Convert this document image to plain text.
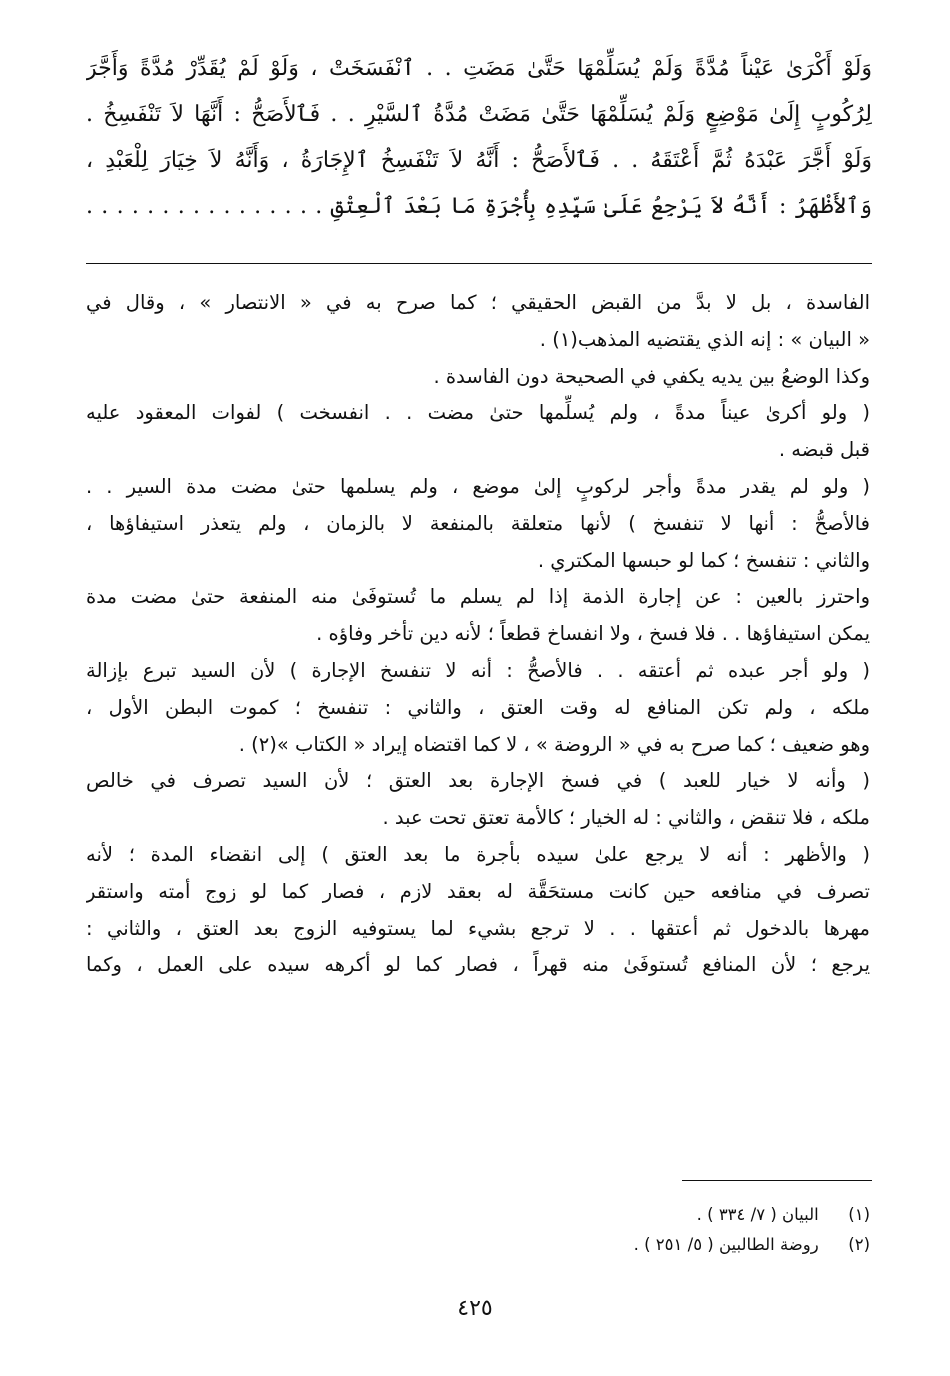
وَلَوْ أَكْرَىٰ عَيْناً مُدَّةً وَلَمْ يُسَلِّمْهَا حَتَّىٰ مَضَتِ . . ٱنْفَسَخَتْ ، وَلَوْ لَمْ يُقَدِّرْ مُدَّةً وَأَجَّرَ
لِرُكُوبٍ إِلَىٰ مَوْضِعٍ وَلَمْ يُسَلِّمْهَا حَتَّىٰ مَضَتْ مُدَّةُ ٱلسَّيْرِ . . فَٱلأَصَحُّ : أَنَّهَا لاَ تَنْفَسِخُ .
وَلَوْ أَجَّرَ عَبْدَهُ ثُمَّ أَعْتَقَهُ . . فَٱلأَصَحُّ : أَنَّهُ لاَ تَنْفَسِخُ ٱلإِجَارَةُ ، وَأَنَّهُ لاَ خِيَارَ لِلْعَبْدِ ،
وَٱلأَظْهَرُ : أَنَّهُ لاَ يَرْجِعُ عَلَىٰ سَيِّدِهِ بِأُجْرَةِ مَا بَعْدَ ٱلْعِتْقِ . . . . . . . . . . . . . . . .
الفاسدة ، بل لا بدَّ من القبض الحقيقي ؛ كما صرح به في « الانتصار » ، وقال في
« البيان » : إنه الذي يقتضيه المذهب(١) .
وكذا الوضعُ بين يديه يكفي في الصحيحة دون الفاسدة .
( ولو أكرىٰ عيناً مدةً ، ولم يُسلِّمها حتىٰ مضت . . انفسخت ) لفوات المعقود عليه
قبل قبضه .
( ولو لم يقدر مدةً وأجر لركوبٍ إلىٰ موضع ، ولم يسلمها حتىٰ مضت مدة السير . .
فالأصحُّ : أنها لا تنفسخ ) لأنها متعلقة بالمنفعة لا بالزمان ، ولم يتعذر استيفاؤها ،
والثاني : تنفسخ ؛ كما لو حبسها المكتري .
واحترز بالعين : عن إجارة الذمة إذا لم يسلم ما تُستوفَىٰ منه المنفعة حتىٰ مضت مدة
يمكن استيفاؤها . . فلا فسخ ، ولا انفساخ قطعاً ؛ لأنه دين تأخر وفاؤه .
( ولو أجر عبده ثم أعتقه . . فالأصحُّ : أنه لا تنفسخ الإجارة ) لأن السيد تبرع بإزالة
ملكه ، ولم تكن المنافع له وقت العتق ، والثاني : تنفسخ ؛ كموت البطن الأول ،
وهو ضعيف ؛ كما صرح به في « الروضة » ، لا كما اقتضاه إيراد « الكتاب »(٢) .
( وأنه لا خيار للعبد ) في فسخ الإجارة بعد العتق ؛ لأن السيد تصرف في خالص
ملكه ، فلا تنقض ، والثاني : له الخيار ؛ كالأمة تعتق تحت عبد .
( والأظهر : أنه لا يرجع علىٰ سيده بأجرة ما بعد العتق ) إلى انقضاء المدة ؛ لأنه
تصرف في منافعه حين كانت مستحَقَّة له بعقد لازم ، فصار كما لو زوج أمته واستقر
مهرها بالدخول ثم أعتقها . . لا ترجع بشيء لما يستوفيه الزوج بعد العتق ، والثاني :
يرجع ؛ لأن المنافع تُستوفَىٰ منه قهراً ، فصار كما لو أكرهه سيده على العمل ، وكما
(١) البيان ( ٧/ ٣٣٤ ) .
(٢) روضة الطالبين ( ٥/ ٢٥١ ) .
٤٢٥
